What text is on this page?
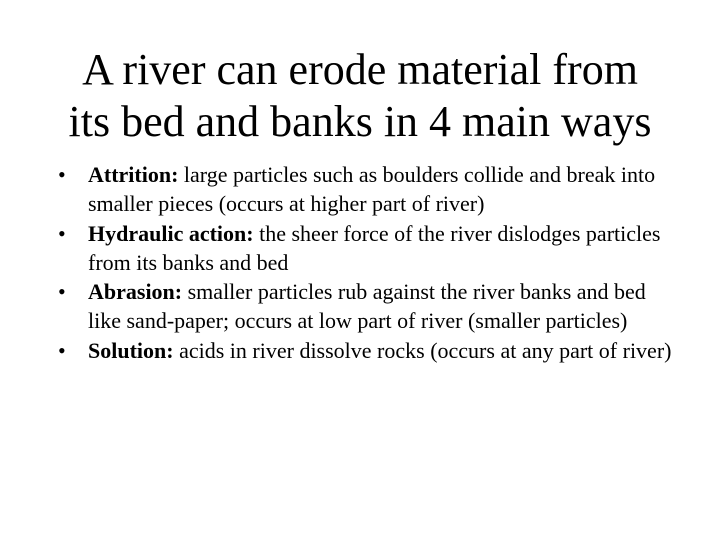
A river can erode material from
its bed and banks in 4 main ways
• Attrition: large particles such as boulders collide and break into smaller pieces (occurs at higher part of river)
• Hydraulic action: the sheer force of the river dislodges particles from its banks and bed
• Abrasion: smaller particles rub against the river banks and bed like sand-paper; occurs at low part of river (smaller particles)
• Solution: acids in river dissolve rocks (occurs at any part of river)
